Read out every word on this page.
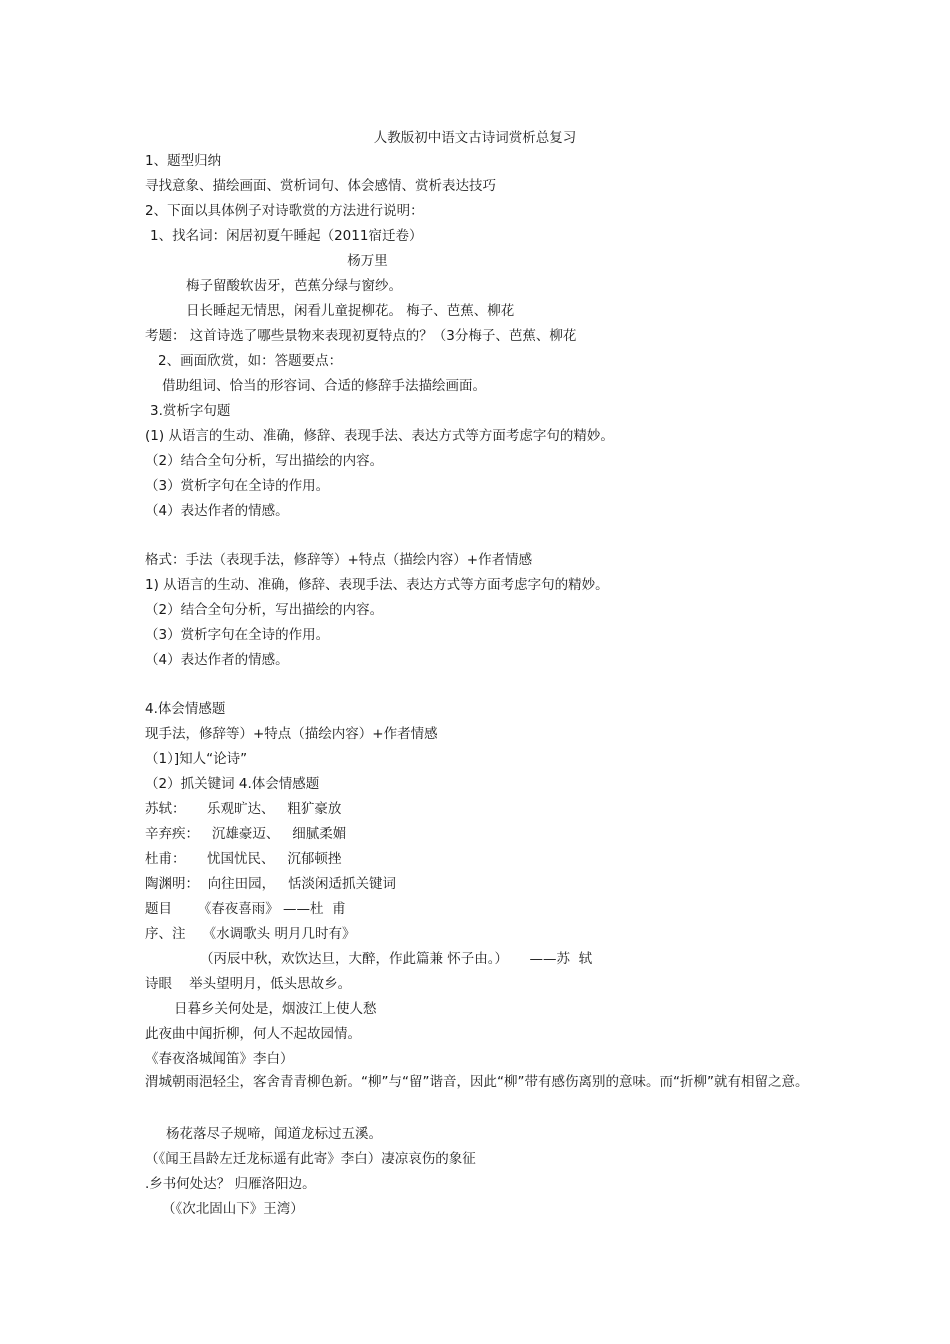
人教版初中语文古诗词赏析总复习
1、题型归纳
寻找意象、描绘画面、赏析词句、体会感情、赏析表达技巧
2、下面以具体例子对诗歌赏的方法进行说明：
1、找名词：闲居初夏午睡起（2011宿迁卷）
杨万里
梅子留酸软齿牙，芭蕉分绿与窗纱。
日长睡起无情思，闲看儿童捉柳花。 梅子、芭蕉、柳花
考题： 这首诗选了哪些景物来表现初夏特点的？（3分梅子、芭蕉、柳花
2、画面欣赏，如：答题要点：
借助组词、恰当的形容词、合适的修辞手法描绘画面。
3.赏析字句题
(1) 从语言的生动、准确，修辞、表现手法、表达方式等方面考虑字句的精妙。
（2）结合全句分析，写出描绘的内容。
（3）赏析字句在全诗的作用。
（4）表达作者的情感。
格式：手法（表现手法，修辞等）+特点（描绘内容）+作者情感
1) 从语言的生动、准确，修辞、表现手法、表达方式等方面考虑字句的精妙。
（2）结合全句分析，写出描绘的内容。
（3）赏析字句在全诗的作用。
（4）表达作者的情感。
4.体会情感题
现手法，修辞等）+特点（描绘内容）+作者情感
（1）]知人“论诗”
（2）抓关键词 4.体会情感题
苏轼：     乐观旷达、   粗犷豪放
辛弃疾：   沉雄豪迈、   细腻柔媚
杜甫：     忧国忧民、   沉郁顿挫
陶渊明：  向往田园，   恬淡闲适抓关键词
题目      《春夜喜雨》 ——杜  甫
序、注    《水调歌头 明月几时有》
（丙辰中秋，欢饮达旦，大醉，作此篇兼 怀子由。）     ——苏  轼
诗眼    举头望明月，低头思故乡。
日暮乡关何处是，烟波江上使人愁
此夜曲中闻折柳，何人不起故园情。
《春夜洛城闻笛》李白）
渭城朝雨浥轻尘，客舍青青柳色新。“柳”与“留”谐音，因此“柳”带有感伤离别的意味。而“折柳”就有相留之意。
杨花落尽子规啼，闻道龙标过五溪。
（《闻王昌龄左迁龙标遥有此寄》李白）凄凉哀伤的象征
.乡书何处达？ 归雁洛阳边。
（《次北固山下》王湾）
